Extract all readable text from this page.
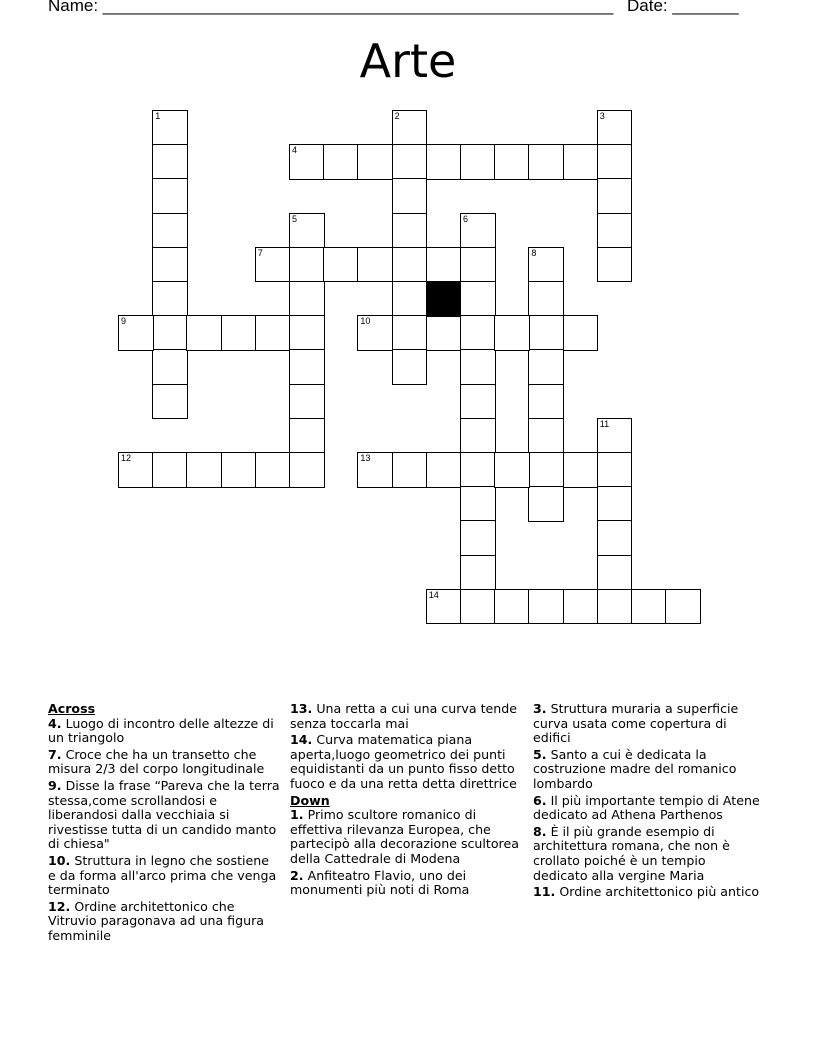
Name: ______________________________________________________ Date: _______
Arte
1	2	3
4
5	6
7	8
9	10
11
12	13
14
Across
4. Luogo di incontro delle altezze di un triangolo
7. Croce che ha un transetto che misura 2/3 del corpo longitudinale
9. Disse la frase “Pareva che la terra stessa,come scrollandosi e liberandosi dalla vecchiaia si rivestisse tutta di un candido manto di chiesa"
10. Struttura in legno che sostiene e da forma all'arco prima che venga terminato
12. Ordine architettonico che Vitruvio paragonava ad una figura femminile
13. Una retta a cui una curva tende senza toccarla mai
14. Curva matematica piana aperta,luogo geometrico dei punti equidistanti da un punto fisso detto fuoco e da una retta detta direttrice
Down
1. Primo scultore romanico di effettiva rilevanza Europea, che partecipò alla decorazione scultorea della Cattedrale di Modena
2. Anfiteatro Flavio, uno dei monumenti più noti di Roma
3. Struttura muraria a superficie curva usata come copertura di edifici
5. Santo a cui è dedicata la costruzione madre del romanico lombardo
6. Il più importante tempio di Atene dedicato ad Athena Parthenos
8. È il più grande esempio di architettura romana, che non è crollato poiché è un tempio dedicato alla vergine Maria
11. Ordine architettonico più antico
